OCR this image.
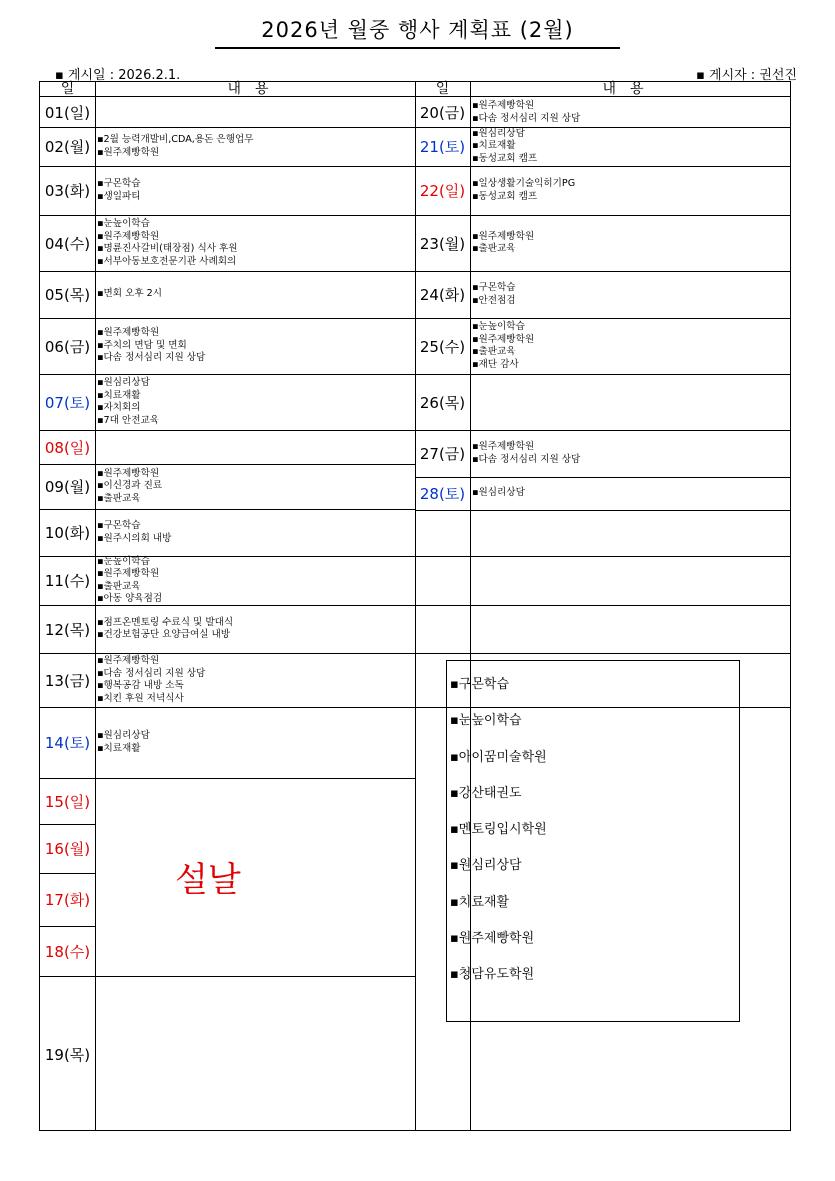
2026년 월중 행사 계획표 (2월)
▪ 게시일 : 2026.2.1.	▪ 게시자 : 권선진
일	내용	일	내용
01(일)
02(월) ▪2월 능력개발비,CDA,용돈 은행업무
▪원주제빵학원
03(화) ▪구몬학습
▪생일파티
04(수)
▪눈높이학습
▪원주제빵학원
▪명륜진사갈비(태장점) 식사 후원
▪서부아동보호전문기관 사례회의
05(목) ▪면회 오후 2시
06(금)
▪원주제빵학원
▪주치의 면담 및 면회
▪다솜 정서심리 지원 상담
07(토)
▪원심리상담
▪치료재활
▪자치회의
▪7대 안전교육
08(일)
09(월)
▪원주제빵학원
▪이신경과 진료
▪출판교육
10(화) ▪구몬학습
▪원주시의회 내방
11(수)
▪눈높이학습
▪원주제빵학원
▪출판교육
▪아동 양육점검
12(목) ▪점프온멘토링 수료식 및 발대식
▪건강보험공단 요양급여실 내방
13(금)
▪원주제빵학원
▪다솜 정서심리 지원 상담
▪행복공감 내방 소독
▪치킨 후원 저녁식사
14(토) ▪원심리상담
▪치료재활
15(일)
16(월)
17(화)
18(수)
19(목)
20(금) ▪원주제빵학원
▪다솜 정서심리 지원 상담
21(토)
▪원심리상담
▪치료재활
▪동성교회 캠프
22(일) ▪일상생활기술익히기PG
▪동성교회 캠프
23(월) ▪원주제빵학원
▪출판교육
24(화) ▪구몬학습
▪안전점검
25(수)
▪눈높이학습
▪원주제빵학원
▪출판교육
▪재단 감사
26(목)
27(금) ▪원주제빵학원
▪다솜 정서심리 지원 상담
28(토) ▪원심리상담
설날
▪구몬학습
▪눈높이학습
▪아이꿈미술학원
▪강산태권도
▪멘토링입시학원
▪원심리상담
▪치료재활
▪원주제빵학원
▪청담유도학원
